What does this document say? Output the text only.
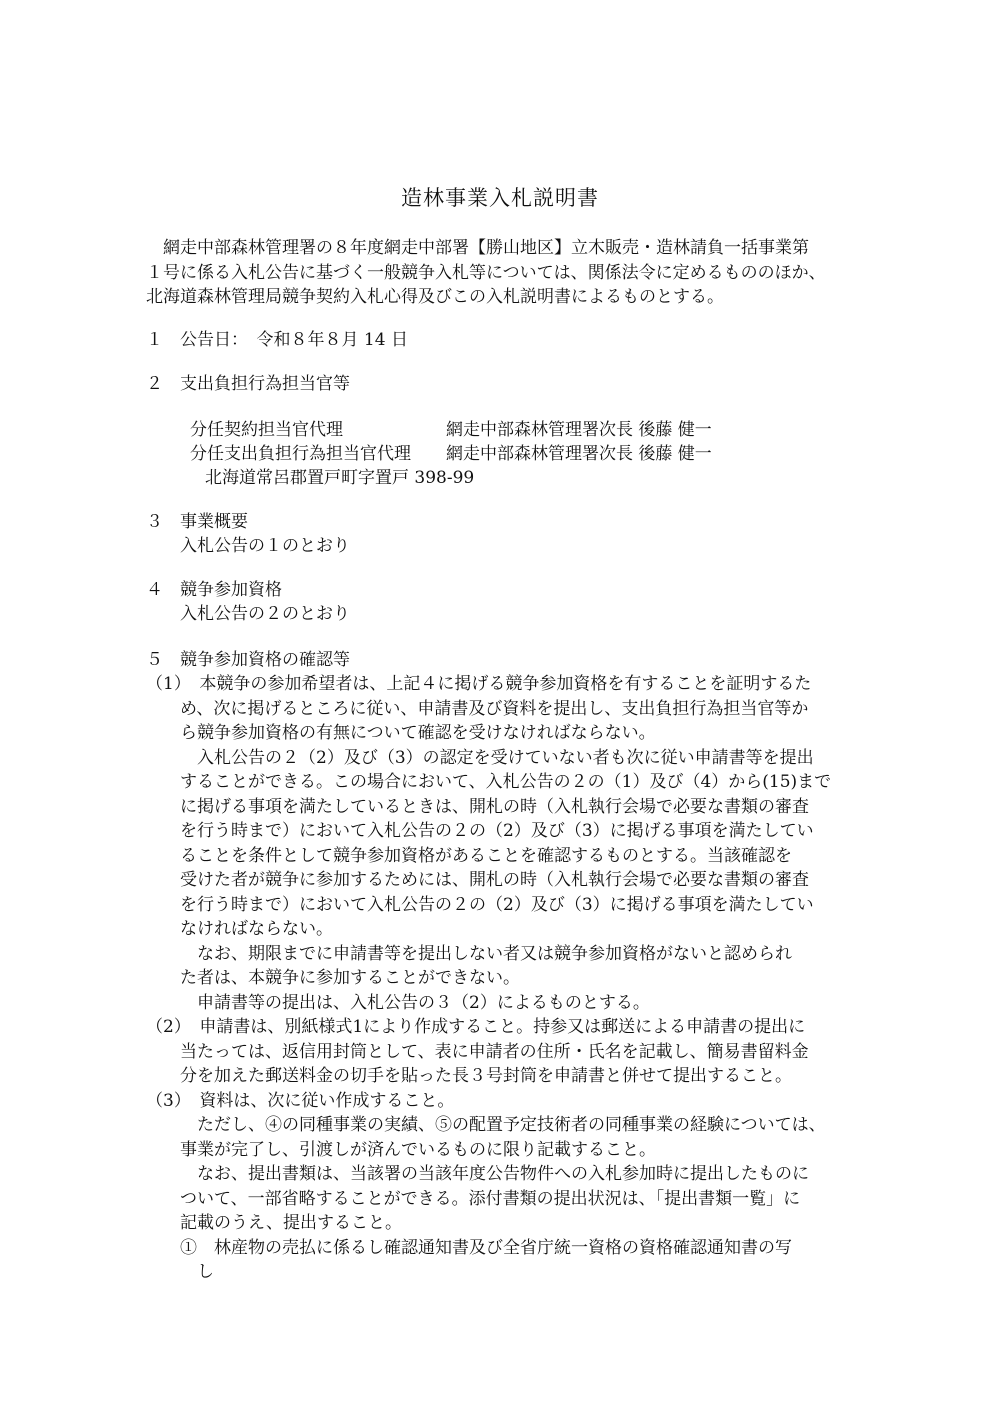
造林事業入札説明書
　網走中部森林管理署の８年度網走中部署【勝山地区】立木販売・造林請負一括事業第
１号に係る入札公告に基づく一般競争入札等については、関係法令に定めるもののほか、
北海道森林管理局競争契約入札心得及びこの入札説明書によるものとする。
１　公告日：　令和８年８月 14 日
２　支出負担行為担当官等
分任契約担当官代理	網走中部森林管理署次長 後藤 健一
分任支出負担行為担当官代理 網走中部森林管理署次長 後藤 健一
北海道常呂郡置戸町字置戸 398-99
３　事業概要
入札公告の１のとおり
４　競争参加資格
入札公告の２のとおり
５　競争参加資格の確認等
（1）　本競争の参加希望者は、上記４に掲げる競争参加資格を有することを証明するた
　　め、次に掲げるところに従い、申請書及び資料を提出し、支出負担行為担当官等か
　　ら競争参加資格の有無について確認を受けなければならない。
　　　入札公告の２（2）及び（3）の認定を受けていない者も次に従い申請書等を提出
　　することができる。この場合において、入札公告の２の（1）及び（4）から(15)まで
　　に掲げる事項を満たしているときは、開札の時（入札執行会場で必要な書類の審査
　　を行う時まで）において入札公告の２の（2）及び（3）に掲げる事項を満たしてい
　　ることを条件として競争参加資格があることを確認するものとする。当該確認を
　　受けた者が競争に参加するためには、開札の時（入札執行会場で必要な書類の審査
　　を行う時まで）において入札公告の２の（2）及び（3）に掲げる事項を満たしてい
　　なければならない。
　　　なお、期限までに申請書等を提出しない者又は競争参加資格がないと認められ
　　た者は、本競争に参加することができない。
　　　申請書等の提出は、入札公告の３（2）によるものとする。
（2）　申請書は、別紙様式1により作成すること。持参又は郵送による申請書の提出に
　　当たっては、返信用封筒として、表に申請者の住所・氏名を記載し、簡易書留料金
　　分を加えた郵送料金の切手を貼った長３号封筒を申請書と併せて提出すること。
（3）　資料は、次に従い作成すること。
　　　ただし、④の同種事業の実績、⑤の配置予定技術者の同種事業の経験については、
　　事業が完了し、引渡しが済んでいるものに限り記載すること。
　　　なお、提出書類は、当該署の当該年度公告物件への入札参加時に提出したものに
　　ついて、一部省略することができる。添付書類の提出状況は、「提出書類一覧」に
　　記載のうえ、提出すること。
　　①　林産物の売払に係るし確認通知書及び全省庁統一資格の資格確認通知書の写
　　　し
